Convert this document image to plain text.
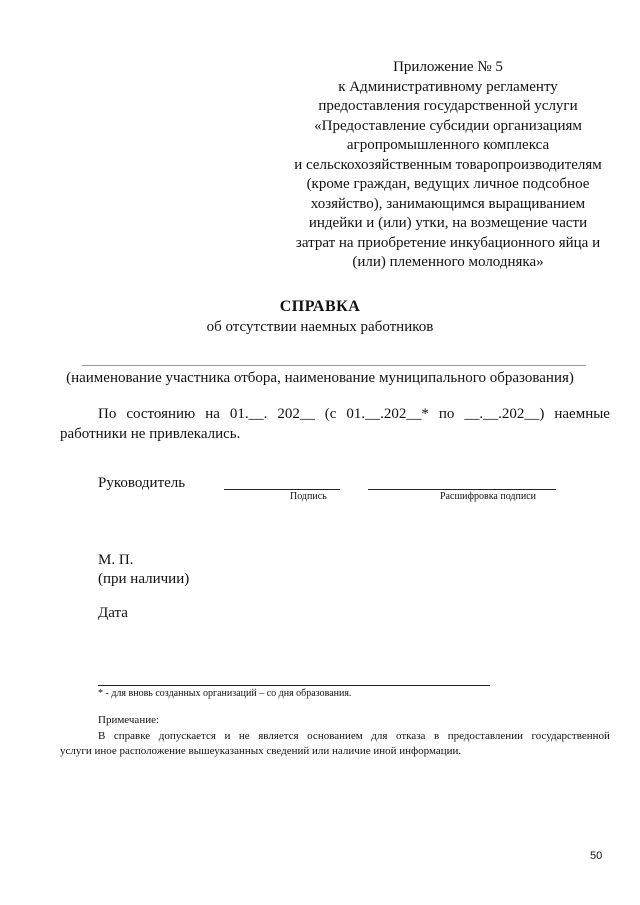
Приложение № 5
к Административному регламенту
предоставления государственной услуги
«Предоставление субсидии организациям
агропромышленного комплекса
и сельскохозяйственным товаропроизводителям
(кроме граждан, ведущих личное подсобное
хозяйство), занимающимся выращиванием
индейки и (или) утки, на возмещение части
затрат на приобретение инкубационного яйца и
(или) племенного молодняка»
СПРАВКА
об отсутствии наемных работников
(наименование участника отбора, наименование муниципального образования)
По состоянию на 01.__. 202__ (с 01.__.202__* по __.__.202__) наемные
работники не привлекались.
Руководитель
Подпись	Расшифровка подписи
М. П.
(при наличии)
Дата
* - для вновь созданных организаций – со дня образования.
Примечание:
В справке допускается и не является основанием для отказа в предоставлении государственной
услуги иное расположение вышеуказанных сведений или наличие иной информации.
50
